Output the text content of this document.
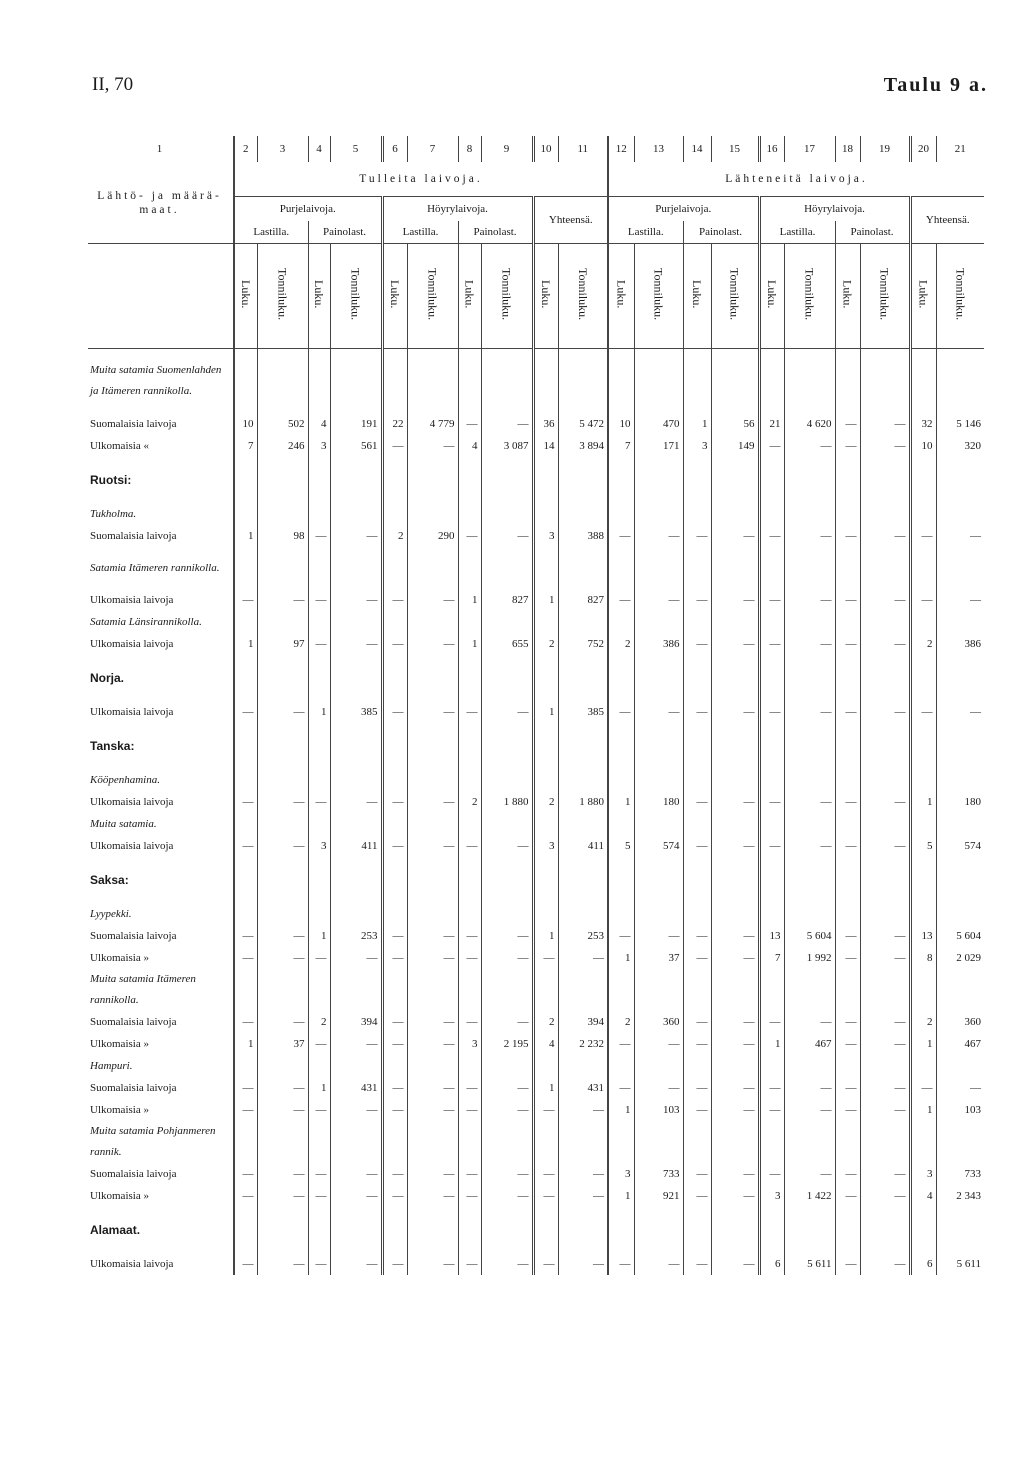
II, 70	Taulu 9 a.
1	2	3	4	5	6	7	8	9	10	11	12	13	14	15	16	17	18	19	20	21
Lähtö- ja määrä-maat.	Tulleita laivoja.										Lähteneitä laivoja.									
	Purjelaivoja.				Höyrylaivoja.				Yhteensä.		Purjelaivoja.				Höyrylaivoja.				Yhteensä.	
	Lastilla.		Painolast.		Lastilla.		Painolast.				Lastilla.		Painolast.		Lastilla.		Painolast.			
	Luku.	Tonniluku.	Luku.	Tonniluku.	Luku.	Tonniluku.	Luku.	Tonniluku.	Luku.	Tonniluku.	Luku.	Tonniluku.	Luku.	Tonniluku.	Luku.	Tonniluku.	Luku.	Tonniluku.	Luku.	Tonniluku.
Muita satamia Suomenlahden ja Itämeren rannikolla.																				
Suomalaisia laivoja	10	502	4	191	22	4 779	—	—	36	5 472	10	470	1	56	21	4 620	—	—	32	5 146
Ulkomaisia «	7	246	3	561	—	—	4	3 087	14	3 894	7	171	3	149	—	—	—	—	10	320
Ruotsi:																				
Tukholma.																				
Suomalaisia laivoja	1	98	—	—	2	290	—	—	3	388	—	—	—	—	—	—	—	—	—	—
Satamia Itämeren rannikolla.																				
Ulkomaisia laivoja	—	—	—	—	—	—	1	827	1	827	—	—	—	—	—	—	—	—	—	—
Satamia Länsirannikolla.																				
Ulkomaisia laivoja	1	97	—	—	—	—	1	655	2	752	2	386	—	—	—	—	—	—	2	386
Norja.																				
Ulkomaisia laivoja	—	—	1	385	—	—	—	—	1	385	—	—	—	—	—	—	—	—	—	—
Tanska:																				
Kööpenhamina.																				
Ulkomaisia laivoja	—	—	—	—	—	—	2	1 880	2	1 880	1	180	—	—	—	—	—	—	1	180
Muita satamia.																				
Ulkomaisia laivoja	—	—	3	411	—	—	—	—	3	411	5	574	—	—	—	—	—	—	5	574
Saksa:																				
Lyypekki.																				
Suomalaisia laivoja	—	—	1	253	—	—	—	—	1	253	—	—	—	—	13	5 604	—	—	13	5 604
Ulkomaisia »	—	—	—	—	—	—	—	—	—	—	1	37	—	—	7	1 992	—	—	8	2 029
Muita satamia Itämeren rannikolla.																				
Suomalaisia laivoja	—	—	2	394	—	—	—	—	2	394	2	360	—	—	—	—	—	—	2	360
Ulkomaisia »	1	37	—	—	—	—	3	2 195	4	2 232	—	—	—	—	1	467	—	—	1	467
Hampuri.																				
Suomalaisia laivoja	—	—	1	431	—	—	—	—	1	431	—	—	—	—	—	—	—	—	—	—
Ulkomaisia »	—	—	—	—	—	—	—	—	—	—	1	103	—	—	—	—	—	—	1	103
Muita satamia Pohjanmeren rannik.																				
Suomalaisia laivoja	—	—	—	—	—	—	—	—	—	—	3	733	—	—	—	—	—	—	3	733
Ulkomaisia »	—	—	—	—	—	—	—	—	—	—	1	921	—	—	3	1 422	—	—	4	2 343
Alamaat.																				
Ulkomaisia laivoja	—	—	—	—	—	—	—	—	—	—	—	—	—	—	6	5 611	—	—	6	5 611
